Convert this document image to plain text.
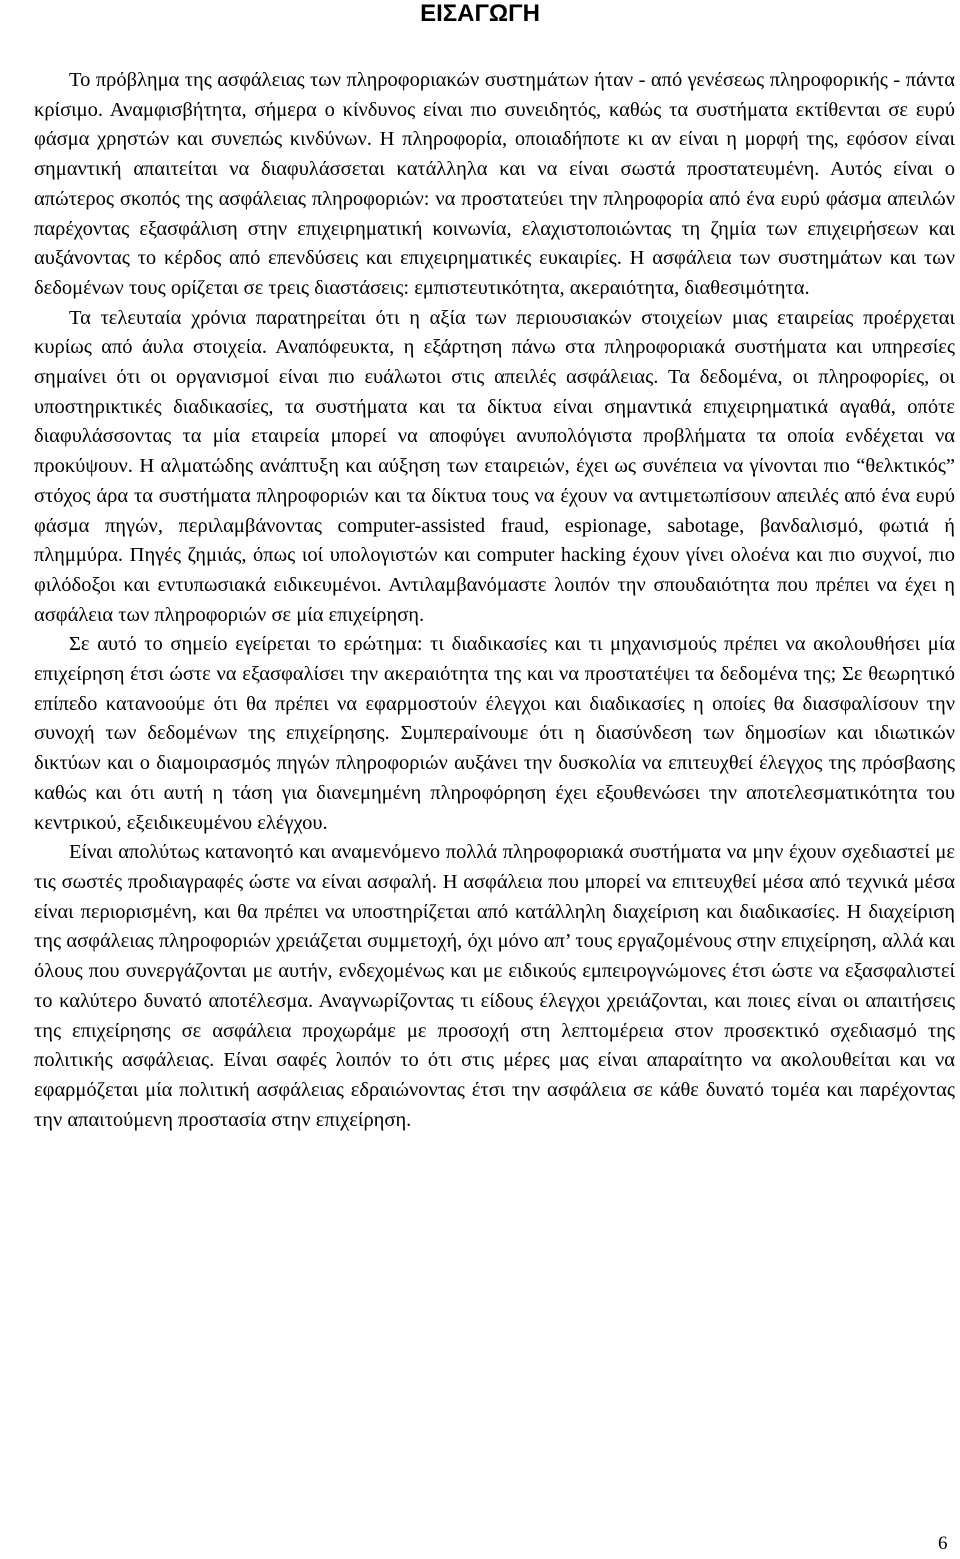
ΕΙΣΑΓΩΓΗ

Το πρόβλημα της ασφάλειας των πληροφοριακών συστημάτων ήταν - από γενέσεως πληροφορικής - πάντα κρίσιμο. Αναμφισβήτητα, σήμερα ο κίνδυνος είναι πιο συνειδητός, καθώς τα συστήματα εκτίθενται σε ευρύ φάσμα χρηστών και συνεπώς κινδύνων. Η πληροφορία, οποιαδήποτε κι αν είναι η μορφή της, εφόσον είναι σημαντική απαιτείται να διαφυλάσσεται κατάλληλα και να είναι σωστά προστατευμένη. Αυτός είναι ο απώτερος σκοπός της ασφάλειας πληροφοριών: να προστατεύει την πληροφορία από ένα ευρύ φάσμα απειλών παρέχοντας εξασφάλιση στην επιχειρηματική κοινωνία, ελαχιστοποιώντας τη ζημία των επιχειρήσεων και αυξάνοντας το κέρδος από επενδύσεις και επιχειρηματικές ευκαιρίες. Η ασφάλεια των συστημάτων και των δεδομένων τους ορίζεται σε τρεις διαστάσεις: εμπιστευτικότητα, ακεραιότητα, διαθεσιμότητα.

Τα τελευταία χρόνια παρατηρείται ότι η αξία των περιουσιακών στοιχείων μιας εταιρείας προέρχεται κυρίως από άυλα στοιχεία. Αναπόφευκτα, η εξάρτηση πάνω στα πληροφοριακά συστήματα και υπηρεσίες σημαίνει ότι οι οργανισμοί είναι πιο ευάλωτοι στις απειλές ασφάλειας. Τα δεδομένα, οι πληροφορίες, οι υποστηρικτικές διαδικασίες, τα συστήματα και τα δίκτυα είναι σημαντικά επιχειρηματικά αγαθά, οπότε διαφυλάσσοντας τα μία εταιρεία μπορεί να αποφύγει ανυπολόγιστα προβλήματα τα οποία ενδέχεται να προκύψουν. Η αλματώδης ανάπτυξη και αύξηση των εταιρειών, έχει ως συνέπεια να γίνονται πιο “θελκτικός” στόχος άρα τα συστήματα πληροφοριών και τα δίκτυα τους να έχουν να αντιμετωπίσουν απειλές από ένα ευρύ φάσμα πηγών, περιλαμβάνοντας computer-assisted fraud, espionage, sabotage, βανδαλισμό, φωτιά ή πλημμύρα. Πηγές ζημιάς, όπως ιοί υπολογιστών και computer hacking έχουν γίνει ολοένα και πιο συχνοί, πιο φιλόδοξοι και εντυπωσιακά ειδικευμένοι. Αντιλαμβανόμαστε λοιπόν την σπουδαιότητα που πρέπει να έχει η ασφάλεια των πληροφοριών σε μία επιχείρηση.

Σε αυτό το σημείο εγείρεται το ερώτημα: τι διαδικασίες και τι μηχανισμούς πρέπει να ακολουθήσει μία επιχείρηση έτσι ώστε να εξασφαλίσει την ακεραιότητα της και να προστατέψει τα δεδομένα της; Σε θεωρητικό επίπεδο κατανοούμε ότι θα πρέπει να εφαρμοστούν έλεγχοι και διαδικασίες η οποίες θα διασφαλίσουν την συνοχή των δεδομένων της επιχείρησης. Συμπεραίνουμε ότι η διασύνδεση των δημοσίων και ιδιωτικών δικτύων και ο διαμοιρασμός πηγών πληροφοριών αυξάνει την δυσκολία να επιτευχθεί έλεγχος της πρόσβασης καθώς και ότι αυτή η τάση για διανεμημένη πληροφόρηση έχει εξουθενώσει την αποτελεσματικότητα του κεντρικού, εξειδικευμένου ελέγχου.

Είναι απολύτως κατανοητό και αναμενόμενο πολλά πληροφοριακά συστήματα να μην έχουν σχεδιαστεί με τις σωστές προδιαγραφές ώστε να είναι ασφαλή. Η ασφάλεια που μπορεί να επιτευχθεί μέσα από τεχνικά μέσα είναι περιορισμένη, και θα πρέπει να υποστηρίζεται από κατάλληλη διαχείριση και διαδικασίες. Η διαχείριση της ασφάλειας πληροφοριών χρειάζεται συμμετοχή, όχι μόνο απ’ τους εργαζομένους στην επιχείρηση, αλλά και όλους που συνεργάζονται με αυτήν, ενδεχομένως και με ειδικούς εμπειρογνώμονες έτσι ώστε να εξασφαλιστεί το καλύτερο δυνατό αποτέλεσμα. Αναγνωρίζοντας τι είδους έλεγχοι χρειάζονται, και ποιες είναι οι απαιτήσεις της επιχείρησης σε ασφάλεια προχωράμε με προσοχή στη λεπτομέρεια στον προσεκτικό σχεδιασμό της πολιτικής ασφάλειας. Είναι σαφές λοιπόν το ότι στις μέρες μας είναι απαραίτητο να ακολουθείται και να εφαρμόζεται μία πολιτική ασφάλειας εδραιώνοντας έτσι την ασφάλεια σε κάθε δυνατό τομέα και παρέχοντας την απαιτούμενη προστασία στην επιχείρηση.

6
